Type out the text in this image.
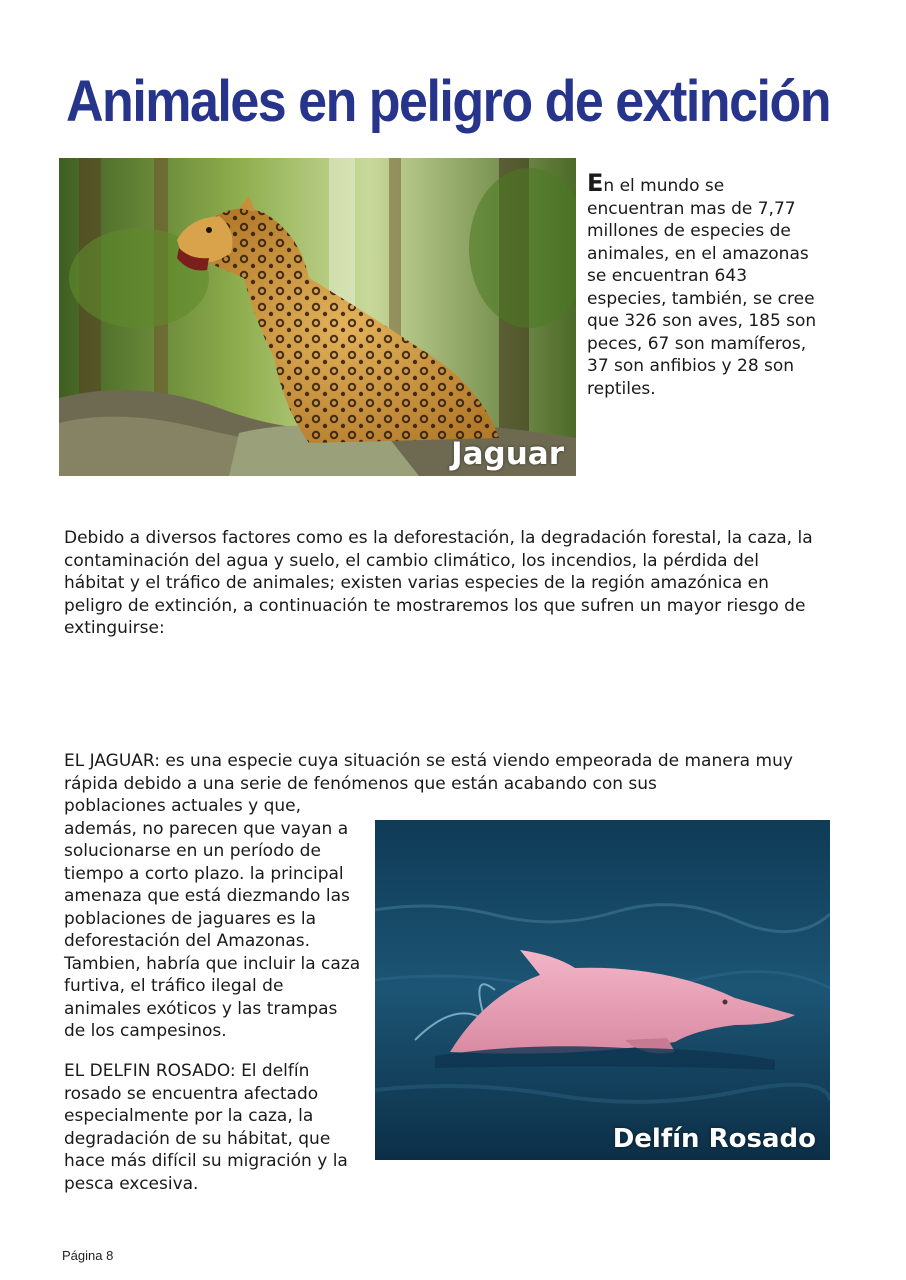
Animales en peligro de extinción
Jaguar
En el mundo se encuentran mas de 7,77 millones de especies de animales, en el amazonas se encuentran 643 especies, también, se cree que 326 son aves, 185 son peces, 67 son mamíferos, 37 son anfibios y 28 son reptiles.
Debido a diversos factores como es la deforestación, la degradación forestal, la caza, la contaminación del agua y suelo, el cambio climático, los incendios, la pérdida del hábitat y el tráfico de animales; existen varias especies de la región amazónica en peligro de extinción, a continuación te mostraremos los que sufren un mayor riesgo de extinguirse:
EL JAGUAR: es una especie cuya situación se está viendo empeorada de manera muy rápida debido a una serie de fenómenos que están acabando con sus
poblaciones actuales y que, además, no parecen que vayan a solucionarse en un período de tiempo a corto plazo. la principal amenaza que está diezmando las poblaciones de jaguares es la deforestación del Amazonas. Tambien, habría que incluir la caza furtiva, el tráfico ilegal de animales exóticos y las trampas de los campesinos.
Delfín Rosado
EL DELFIN ROSADO: El delfín rosado se encuentra afectado especialmente por la caza, la degradación de su hábitat, que hace más difícil su migración y la pesca excesiva.
Página 8
